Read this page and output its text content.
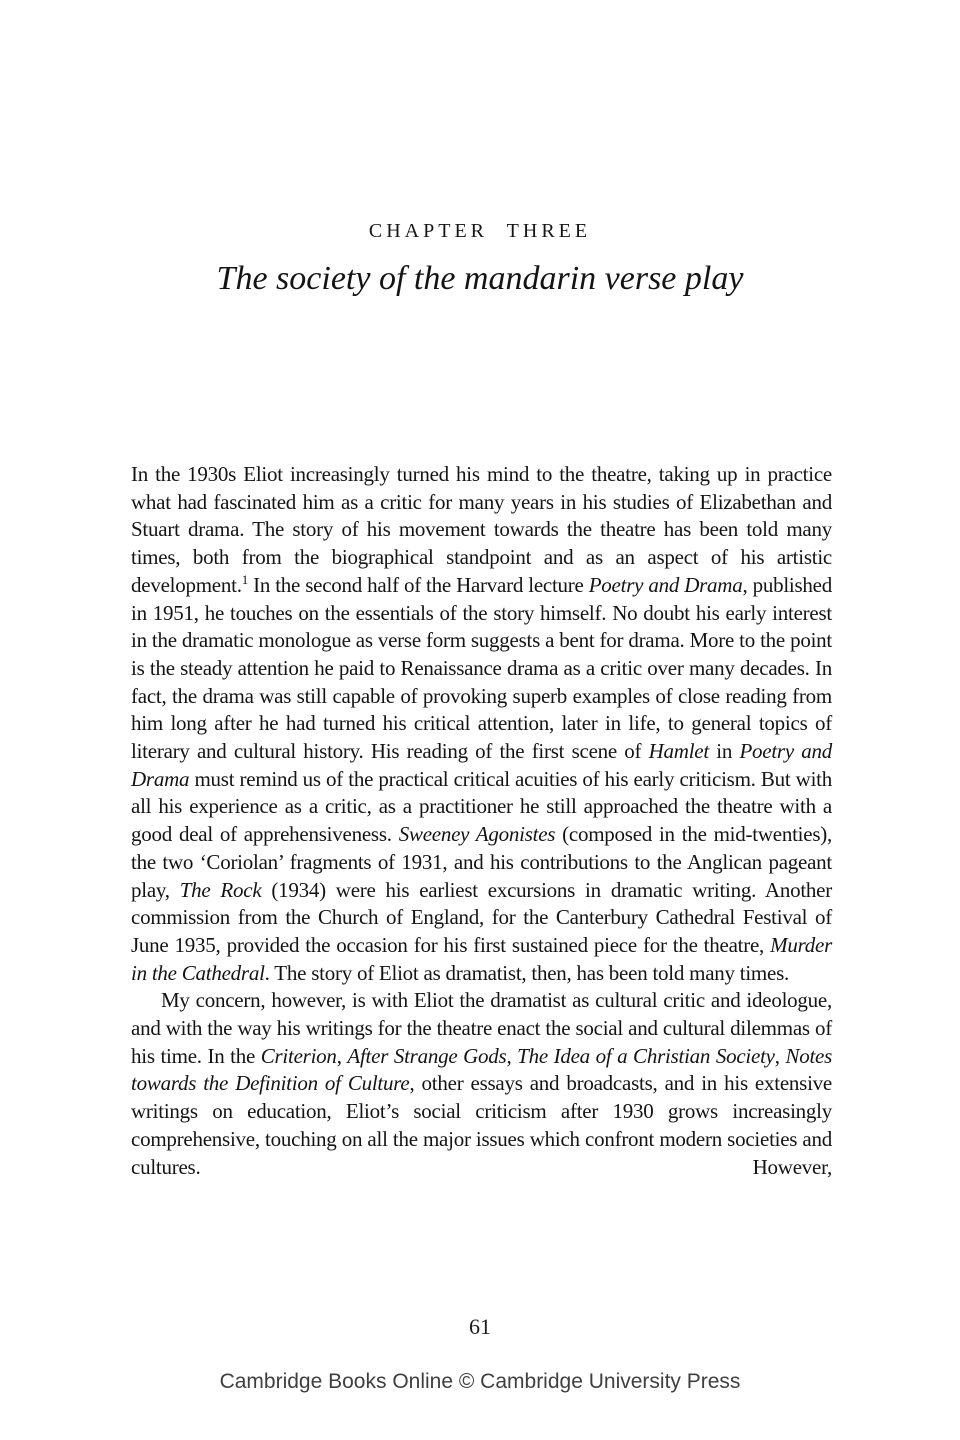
CHAPTER THREE
The society of the mandarin verse play

In the 1930s Eliot increasingly turned his mind to the theatre, taking up in practice what had fascinated him as a critic for many years in his studies of Elizabethan and Stuart drama. The story of his movement towards the theatre has been told many times, both from the biographical standpoint and as an aspect of his artistic development.$^1$ In the second half of the Harvard lecture Poetry and Drama, published in 1951, he touches on the essentials of the story himself. No doubt his early interest in the dramatic monologue as verse form suggests a bent for drama. More to the point is the steady attention he paid to Renaissance drama as a critic over many decades. In fact, the drama was still capable of provoking superb examples of close reading from him long after he had turned his critical attention, later in life, to general topics of literary and cultural history. His reading of the first scene of Hamlet in Poetry and Drama must remind us of the practical critical acuities of his early criticism. But with all his experience as a critic, as a practitioner he still approached the theatre with a good deal of apprehensiveness. Sweeney Agonistes (composed in the mid-twenties), the two ‘Coriolan’ fragments of 1931, and his contributions to the Anglican pageant play, The Rock (1934) were his earliest excursions in dramatic writing. Another commission from the Church of England, for the Canterbury Cathedral Festival of June 1935, provided the occasion for his first sustained piece for the theatre, Murder in the Cathedral. The story of Eliot as dramatist, then, has been told many times.

My concern, however, is with Eliot the dramatist as cultural critic and ideologue, and with the way his writings for the theatre enact the social and cultural dilemmas of his time. In the Criterion, After Strange Gods, The Idea of a Christian Society, Notes towards the Definition of Culture, other essays and broadcasts, and in his extensive writings on education, Eliot’s social criticism after 1930 grows increasingly comprehensive, touching on all the major issues which confront modern societies and cultures. However,

61
Cambridge Books Online © Cambridge University Press
